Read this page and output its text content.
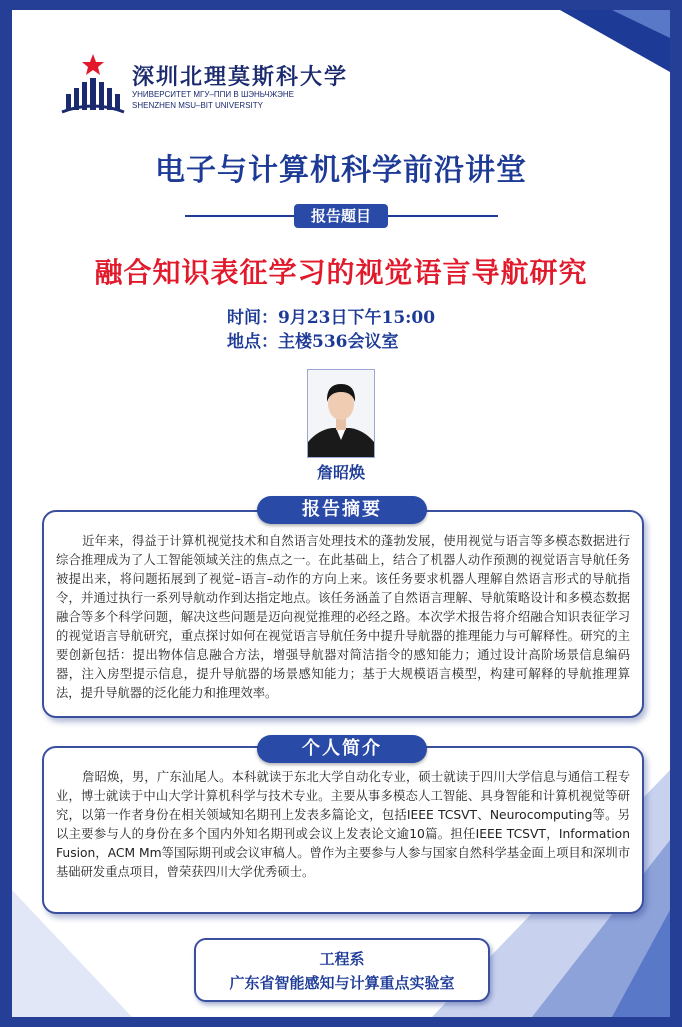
深圳北理莫斯科大学
УНИВЕРСИТЕТ МГУ–ППИ В ШЭНЬЧЖЭНЕ
SHENZHEN MSU–BIT UNIVERSITY
电子与计算机科学前沿讲堂
报告题目
融合知识表征学习的视觉语言导航研究
时间：9月23日下午15:00
地点：主楼536会议室
詹昭焕
近年来，得益于计算机视觉技术和自然语言处理技术的蓬勃发展，使用视觉与语言等多模态数据进行综合推理成为了人工智能领域关注的焦点之一。在此基础上，结合了机器人动作预测的视觉语言导航任务被提出来，将问题拓展到了视觉–语言–动作的方向上来。该任务要求机器人理解自然语言形式的导航指令，并通过执行一系列导航动作到达指定地点。该任务涵盖了自然语言理解、导航策略设计和多模态数据融合等多个科学问题，解决这些问题是迈向视觉推理的必经之路。本次学术报告将介绍融合知识表征学习的视觉语言导航研究，重点探讨如何在视觉语言导航任务中提升导航器的推理能力与可解释性。研究的主要创新包括：提出物体信息融合方法，增强导航器对简洁指令的感知能力；通过设计高阶场景信息编码器，注入房型提示信息，提升导航器的场景感知能力；基于大规模语言模型，构建可解释的导航推理算法，提升导航器的泛化能力和推理效率。
报告摘要
詹昭焕，男，广东汕尾人。本科就读于东北大学自动化专业，硕士就读于四川大学信息与通信工程专业，博士就读于中山大学计算机科学与技术专业。主要从事多模态人工智能、具身智能和计算机视觉等研究，以第一作者身份在相关领域知名期刊上发表多篇论文，包括IEEE TCSVT、Neurocomputing等。另以主要参与人的身份在多个国内外知名期刊或会议上发表论文逾10篇。担任IEEE TCSVT，Information Fusion，ACM Mm等国际期刊或会议审稿人。曾作为主要参与人参与国家自然科学基金面上项目和深圳市基础研发重点项目，曾荣获四川大学优秀硕士。
个人简介
工程系
广东省智能感知与计算重点实验室
